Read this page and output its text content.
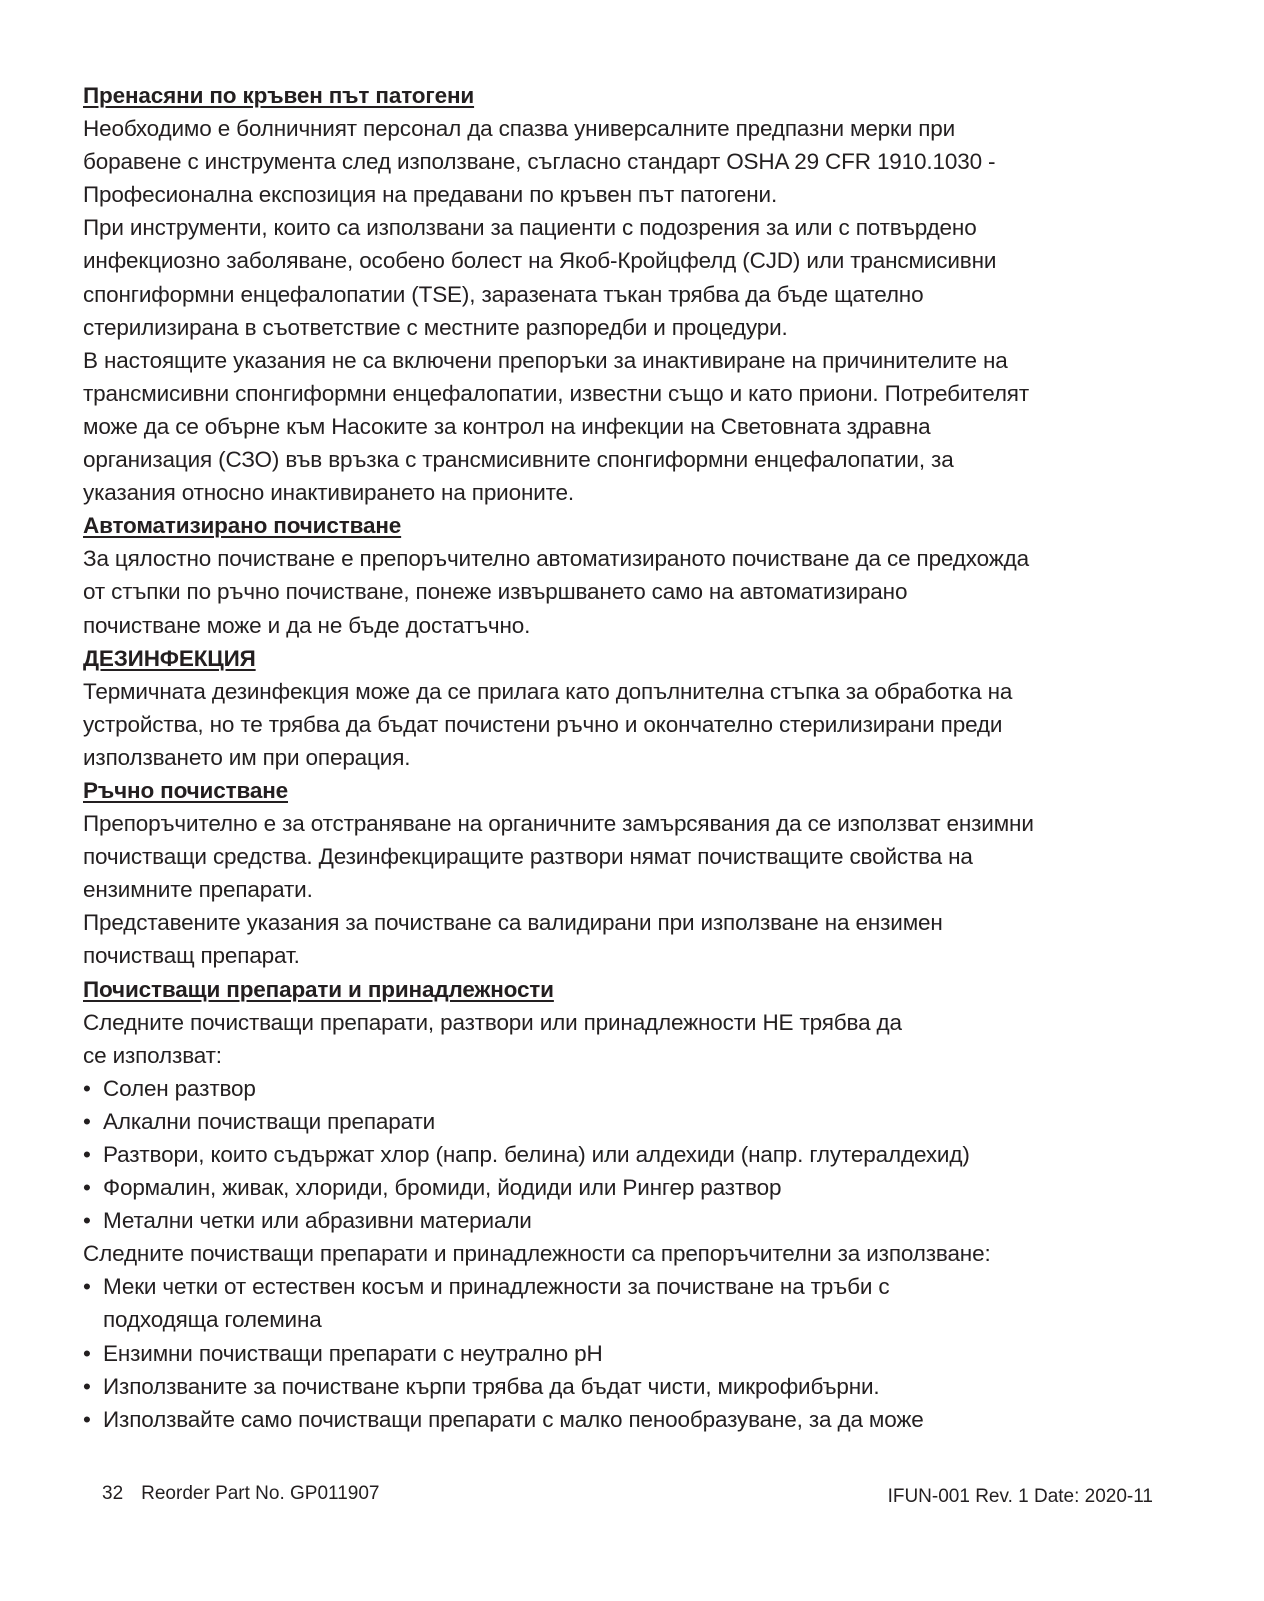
Пренасяни по кръвен път патогени
Необходимо е болничният персонал да спазва универсалните предпазни мерки при
боравене с инструмента след използване, съгласно стандарт OSHA 29 CFR 1910.1030 -
Професионална експозиция на предавани по кръвен път патогени.
При инструменти, които са използвани за пациенти с подозрения за или с потвърдено
инфекциозно заболяване, особено болест на Якоб-Кройцфелд (CJD) или трансмисивни
спонгиформни енцефалопатии (TSE), заразената тъкан трябва да бъде щателно
стерилизирана в съответствие с местните разпоредби и процедури.
В настоящите указания не са включени препоръки за инактивиране на причинителите на
трансмисивни спонгиформни енцефалопатии, известни също и като приони. Потребителят
може да се обърне към Насоките за контрол на инфекции на Световната здравна
организация (СЗО) във връзка с трансмисивните спонгиформни енцефалопатии, за
указания относно инактивирането на прионите.
Автоматизирано почистване
За цялостно почистване е препоръчително автоматизираното почистване да се предхожда
от стъпки по ръчно почистване, понеже извършването само на автоматизирано
почистване може и да не бъде достатъчно.
ДЕЗИНФЕКЦИЯ
Термичната дезинфекция може да се прилага като допълнителна стъпка за обработка на
устройства, но те трябва да бъдат почистени ръчно и окончателно стерилизирани преди
използването им при операция.
Ръчно почистване
Препоръчително е за отстраняване на органичните замърсявания да се използват ензимни
почистващи средства. Дезинфекциращите разтвори нямат почистващите свойства на
ензимните препарати.
Представените указания за почистване са валидирани при използване на ензимен
почистващ препарат.
Почистващи препарати и принадлежности
Следните почистващи препарати, разтвори или принадлежности НЕ трябва да
се използват:
• Солен разтвор
• Алкални почистващи препарати
• Разтвори, които съдържат хлор (напр. белина) или алдехиди (напр. глутералдехид)
• Формалин, живак, хлориди, бромиди, йодиди или Рингер разтвор
• Метални четки или абразивни материали
Следните почистващи препарати и принадлежности са препоръчителни за използване:
• Меки четки от естествен косъм и принадлежности за почистване на тръби с
подходяща големина
• Ензимни почистващи препарати с неутрално pH
• Използваните за почистване кърпи трябва да бъдат чисти, микрофибърни.
• Използвайте само почистващи препарати с малко пенообразуване, за да може
32 Reorder Part No. GP011907	IFUN-001 Rev. 1 Date: 2020-11
